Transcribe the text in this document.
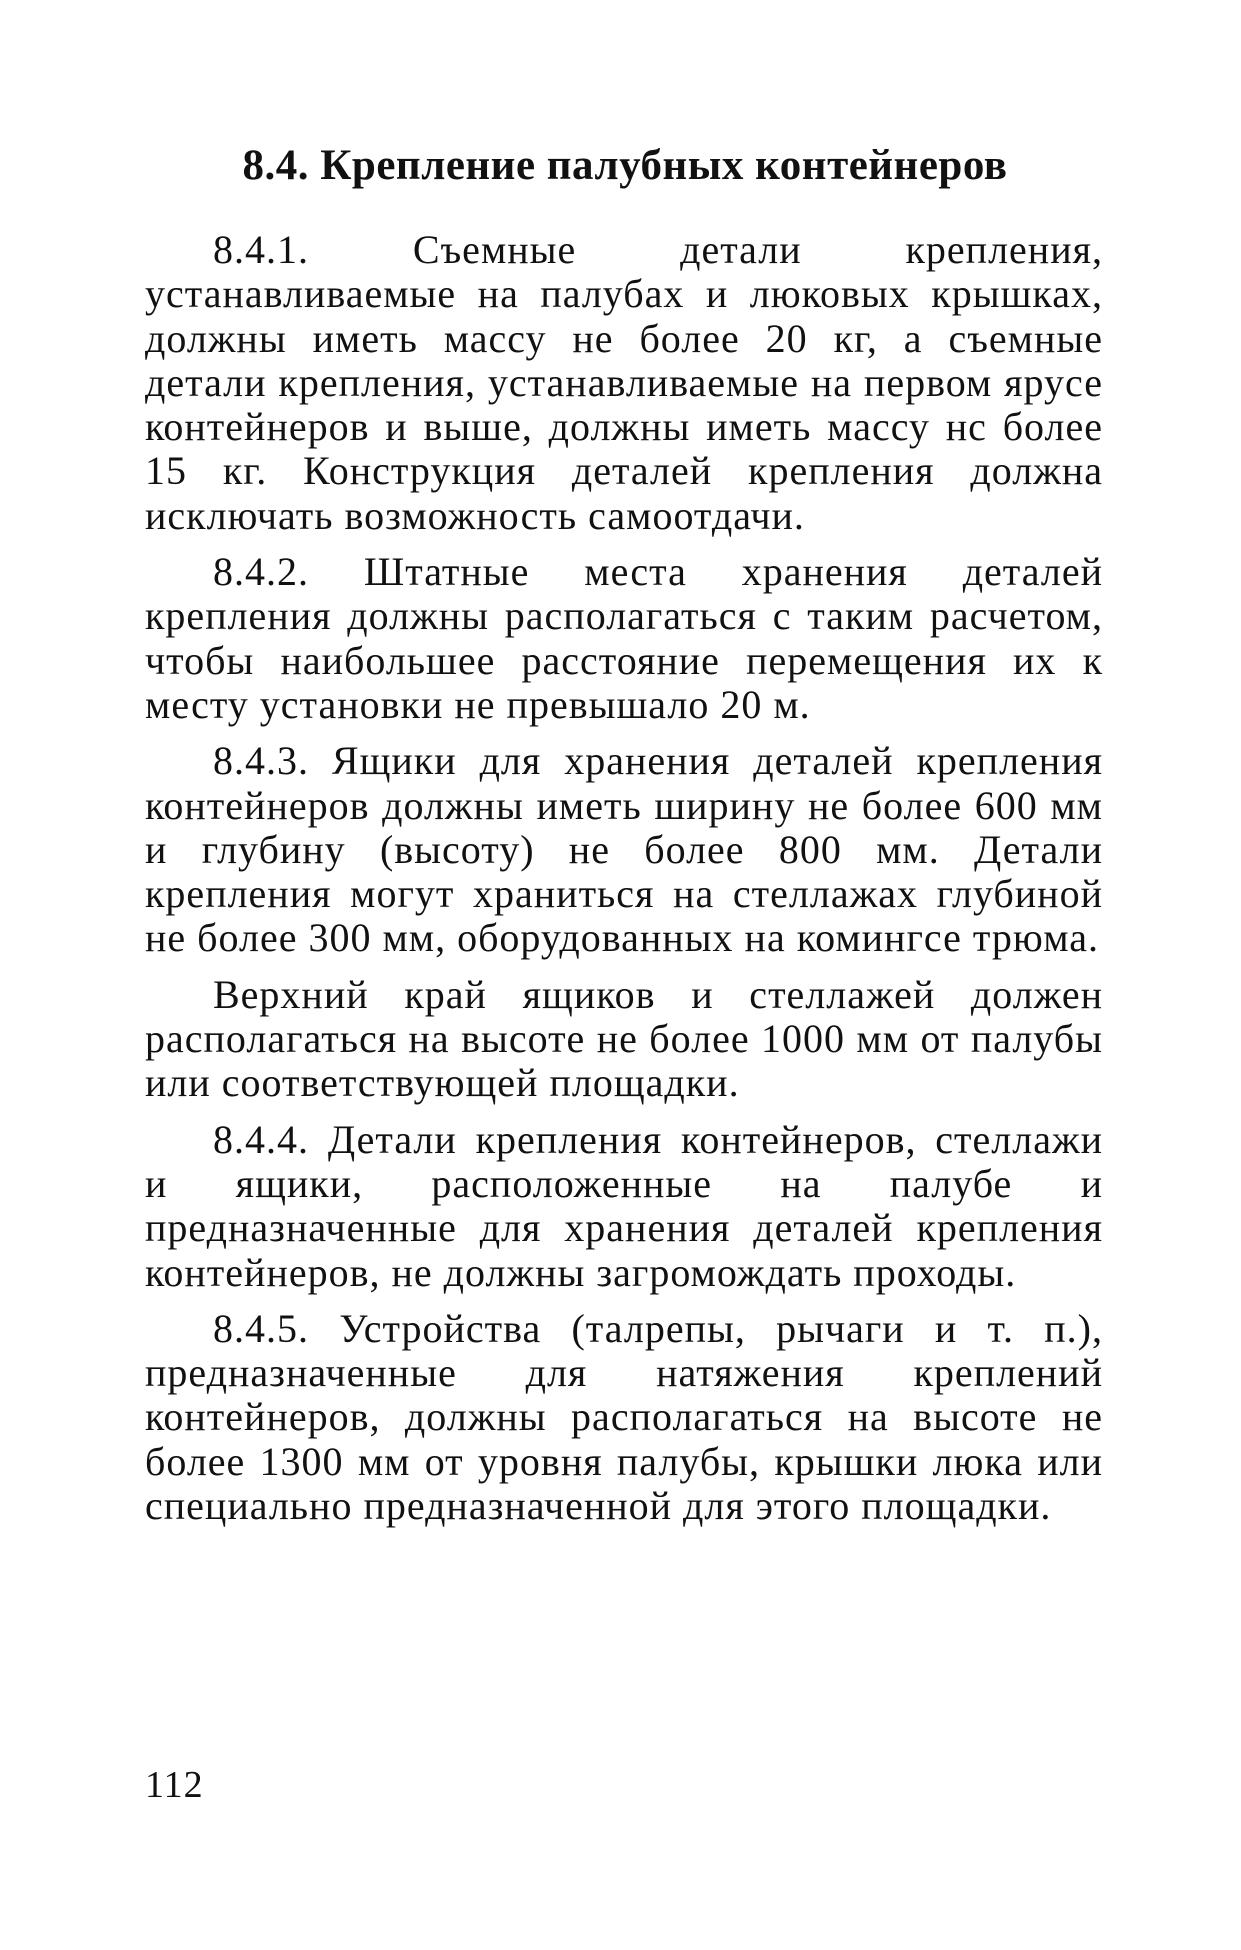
8.4. Крепление палубных контейнеров

8.4.1. Съемные детали крепления, устанавливаемые на палубах и люковых крышках, должны иметь массу не более 20 кг, а съемные детали крепления, устанавливаемые на первом ярусе контейнеров и выше, должны иметь массу нс более 15 кг. Конструкция деталей крепления должна исключать возможность самоотдачи.

8.4.2. Штатные места хранения деталей крепления должны располагаться с таким расчетом, чтобы наибольшее расстояние перемещения их к месту установки не превышало 20 м.

8.4.3. Ящики для хранения деталей крепления контейнеров должны иметь ширину не более 600 мм и глубину (высоту) не более 800 мм. Детали крепления могут храниться на стеллажах глубиной не более 300 мм, оборудованных на комингсе трюма.

Верхний край ящиков и стеллажей должен располагаться на высоте не более 1000 мм от палубы или соответствующей площадки.

8.4.4. Детали крепления контейнеров, стеллажи и ящики, расположенные на палубе и предназначенные для хранения деталей крепления контейнеров, не должны загромождать проходы.

8.4.5. Устройства (талрепы, рычаги и т. п.), предназначенные для натяжения креплений контейнеров, должны располагаться на высоте не более 1300 мм от уровня палубы, крышки люка или специально предназначенной для этого площадки.

112
